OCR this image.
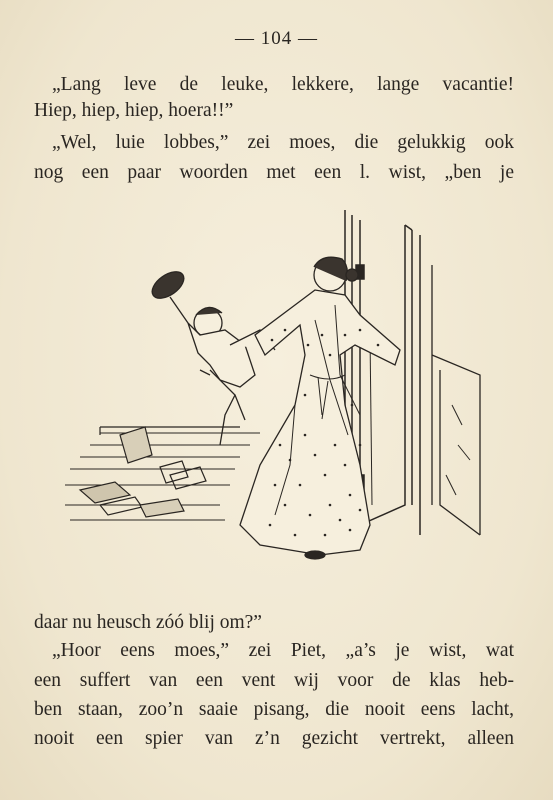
— 104 —
„Lang leve de leuke, lekkere, lange vacantie!
Hiep, hiep, hiep, hoera!!”
„Wel, luie lobbes,” zei moes, die gelukkig ook
nog een paar woorden met een l. wist, „ben je
daar nu heusch zóó blij om?”
„Hoor eens moes,” zei Piet, „a’s je wist, wat
een suffert van een vent wij voor de klas heb-
ben staan, zoo’n saaie pisang, die nooit eens lacht,
nooit een spier van z’n gezicht vertrekt, alleen
